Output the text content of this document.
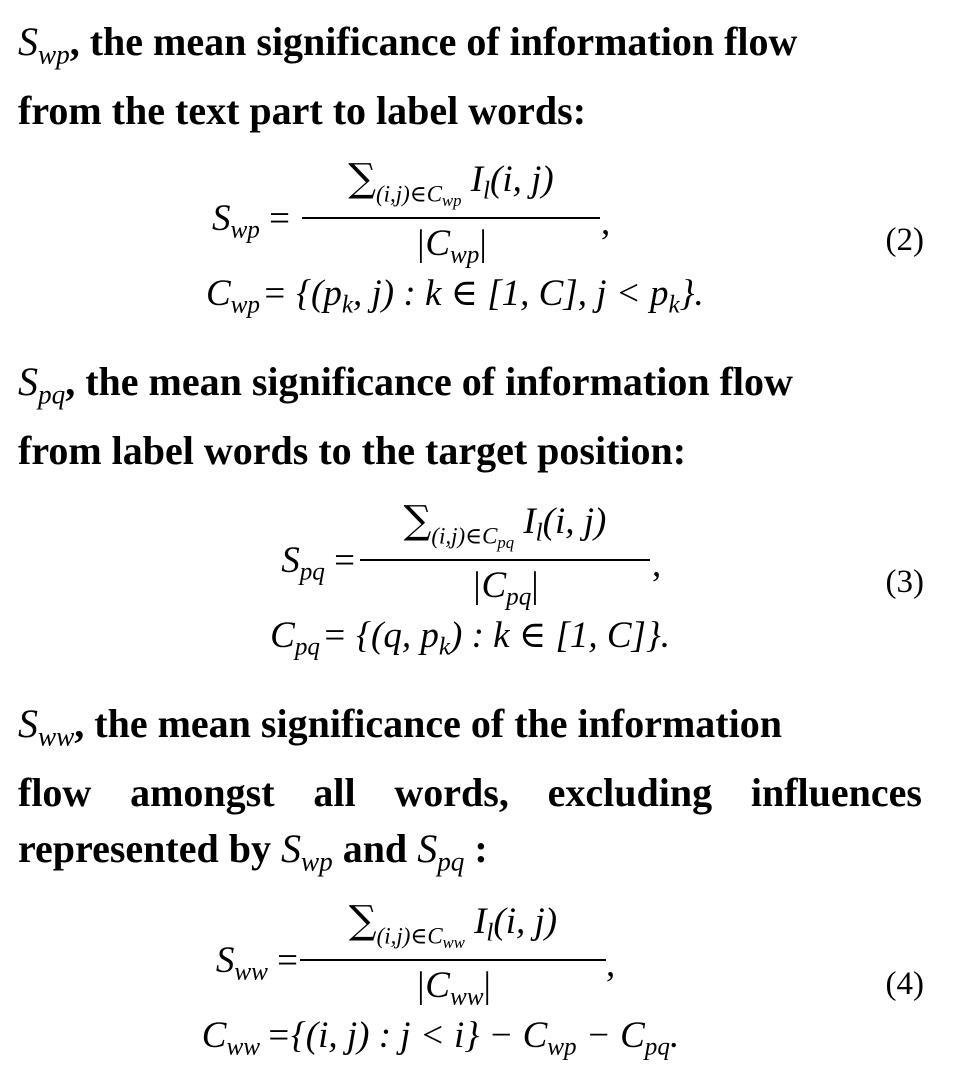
$S_{wp}$, the mean significance of information flow
from the text part to label words:
$S_{wp}$ =
$\sum_{(i,j)\in Cwp}$ $I_l(i$, j)
$|C_{wp}|$
,
$C_{wp} = \{(p_k$, j) : k ∈ [1, C], $j < p_k$}.
(2)
$S_{pq}$, the mean significance of information flow
from label words to the target position:
$S_{pq}$ =
$\sum_{(i,j)\in Cpq}$ $I_l(i$, j)
$|C_{pq}|$
,
$C_{pq} = \{(q$, $p_k$) : k ∈ [1, C]}.
(3)
$S_{ww}$, the mean significance of the information
flow amongst all words, excluding influences
represented by $S_{wp}$ and $S_{pq}$ :
$S_{ww}$ =
$\sum_{(i,j)\in Cww}$ $I_l(i$, j)
$|C_{ww}|$
,
$C_{ww} =\{(i$, j) : $j < i\} - C_{wp} - C_{pq}$.
(4)
